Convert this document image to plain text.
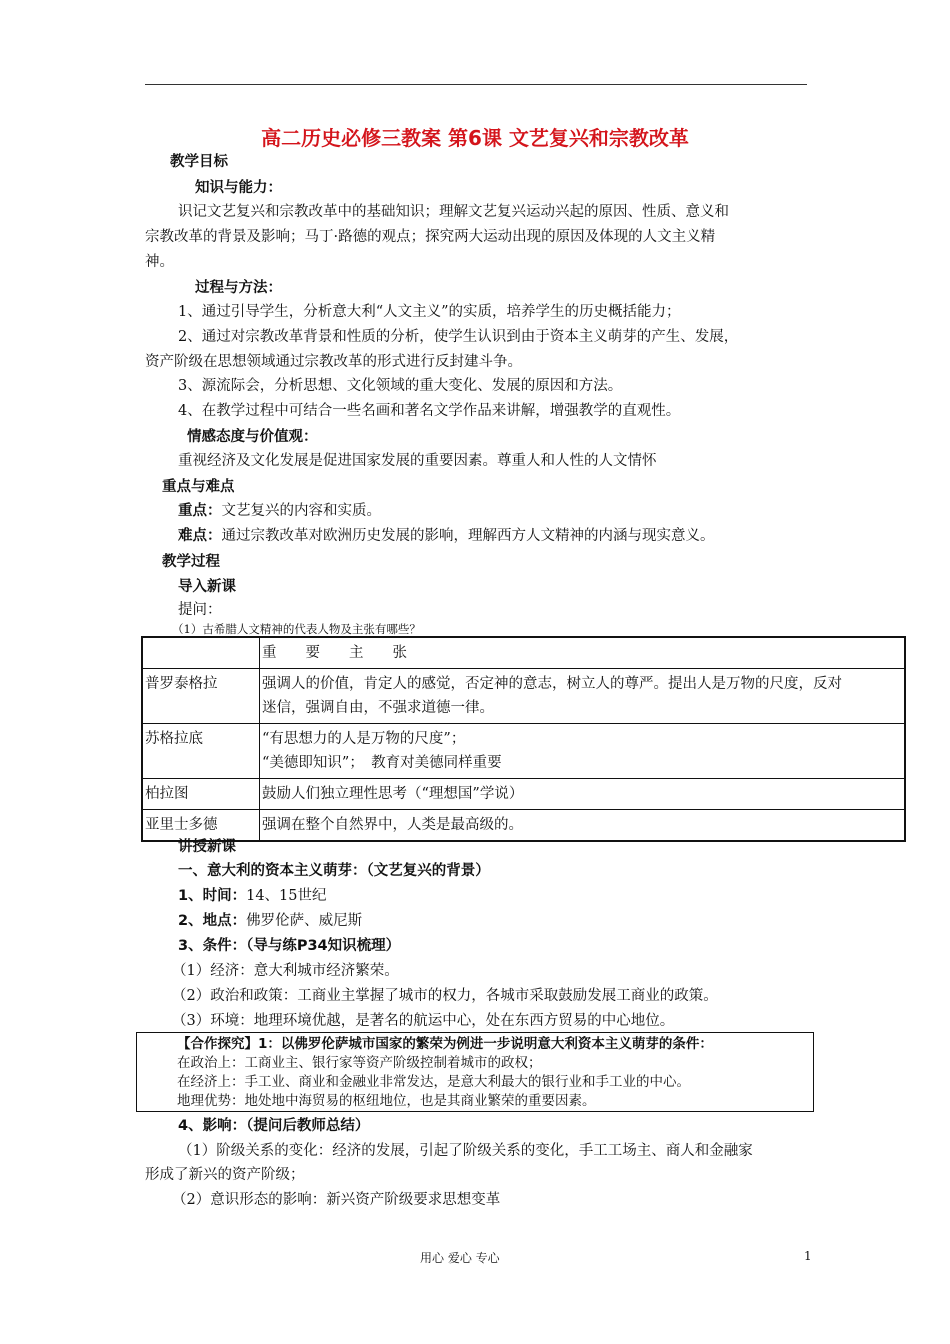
高二历史必修三教案 第6课 文艺复兴和宗教改革
教学目标
知识与能力：
识记文艺复兴和宗教改革中的基础知识；理解文艺复兴运动兴起的原因、性质、意义和
宗教改革的背景及影响；马丁·路德的观点；探究两大运动出现的原因及体现的人文主义精
神。
过程与方法：
1、通过引导学生，分析意大利“人文主义”的实质，培养学生的历史概括能力；
2、通过对宗教改革背景和性质的分析，使学生认识到由于资本主义萌芽的产生、发展，
资产阶级在思想领域通过宗教改革的形式进行反封建斗争。
3、源流际会，分析思想、文化领域的重大变化、发展的原因和方法。
4、在教学过程中可结合一些名画和著名文学作品来讲解，增强教学的直观性。
情感态度与价值观：
重视经济及文化发展是促进国家发展的重要因素。尊重人和人性的人文情怀
重点与难点
重点：文艺复兴的内容和实质。
难点：通过宗教改革对欧洲历史发展的影响，理解西方人文精神的内涵与现实意义。
教学过程
导入新课
提问：
（1）古希腊人文精神的代表人物及主张有哪些？
	重　　要　　主　　张
普罗泰格拉	强调人的价值，肯定人的感觉，否定神的意志，树立人的尊严。提出人是万物的尺度，反对
迷信，强调自由，不强求道德一律。

苏格拉底	“有思想力的人是万物的尺度”；
“美德即知识”；　教育对美德同样重要

柏拉图	鼓励人们独立理性思考（“理想国”学说）
亚里士多德	强调在整个自然界中，人类是最高级的。
讲授新课
一、意大利的资本主义萌芽：（文艺复兴的背景）
1、时间：14、15世纪
2、地点：佛罗伦萨、威尼斯
3、条件：（导与练P34知识梳理）
（1）经济：意大利城市经济繁荣。
（2）政治和政策：工商业主掌握了城市的权力，各城市采取鼓励发展工商业的政策。
（3）环境：地理环境优越，是著名的航运中心，处在东西方贸易的中心地位。
【合作探究】1：以佛罗伦萨城市国家的繁荣为例进一步说明意大利资本主义萌芽的条件：
在政治上：工商业主、银行家等资产阶级控制着城市的政权；
在经济上：手工业、商业和金融业非常发达，是意大利最大的银行业和手工业的中心。
地理优势：地处地中海贸易的枢纽地位，也是其商业繁荣的重要因素。
4、影响：（提问后教师总结）
（1）阶级关系的变化：经济的发展，引起了阶级关系的变化，手工工场主、商人和金融家
形成了新兴的资产阶级；
（2）意识形态的影响：新兴资产阶级要求思想变革
用心 爱心 专心	1
